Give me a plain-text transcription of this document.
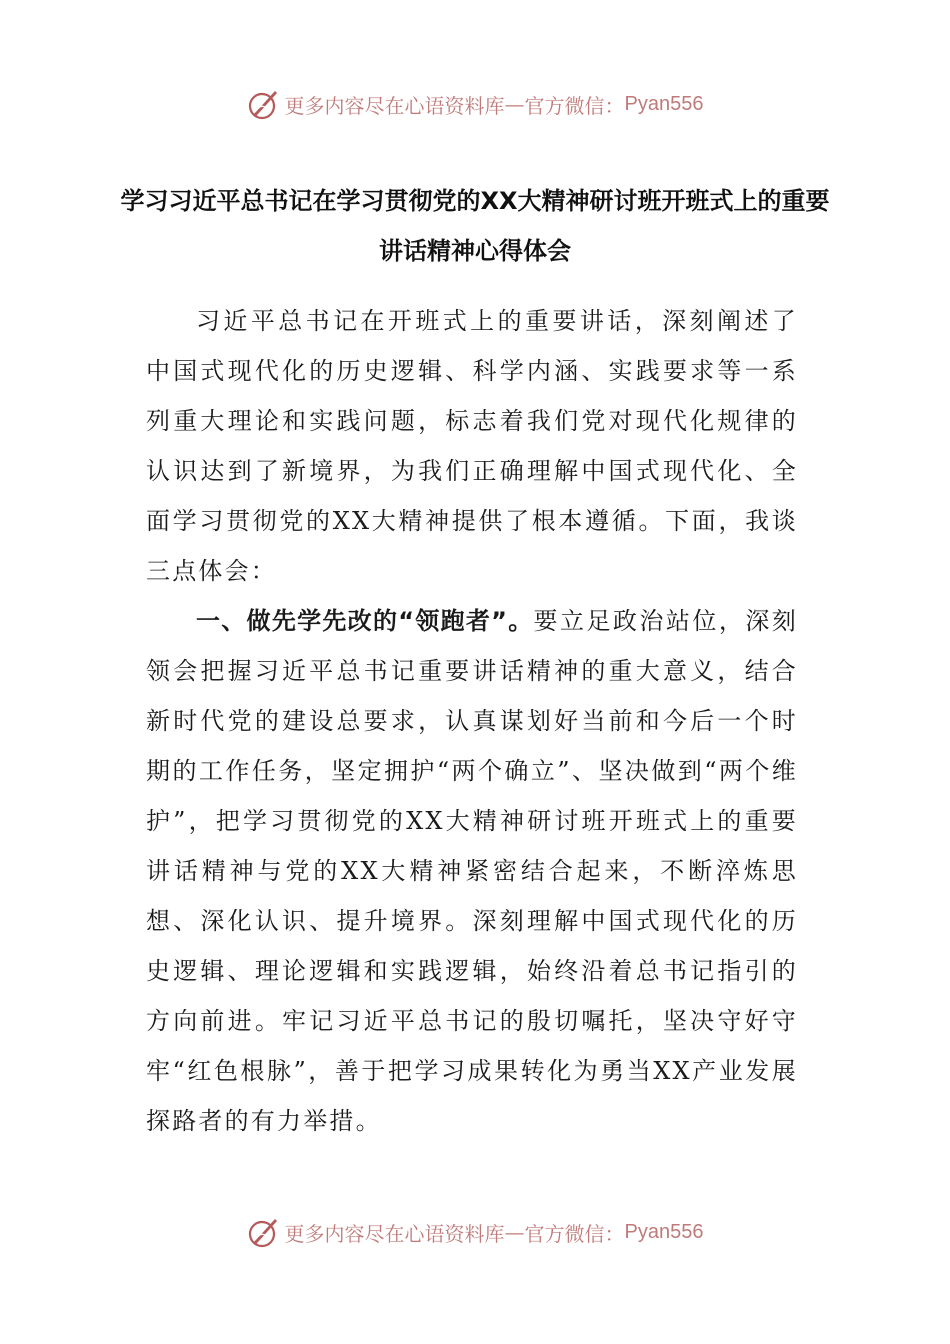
更多内容尽在心语资料库 — 官方微信： Pyan556
学习习近平总书记在学习贯彻党的XX大精神研讨班开班式上的重要讲话精神心得体会

习近平总书记在开班式上的重要讲话，深刻阐述了中国式现代化的历史逻辑、科学内涵、实践要求等一系列重大理论和实践问题，标志着我们党对现代化规律的认识达到了新境界，为我们正确理解中国式现代化、全面学习贯彻党的XX大精神提供了根本遵循。下面，我谈三点体会：

一、做先学先改的“领跑者”。要立足政治站位，深刻领会把握习近平总书记重要讲话精神的重大意义，结合新时代党的建设总要求，认真谋划好当前和今后一个时期的工作任务，坚定拥护“两个确立”、坚决做到“两个维护”，把学习贯彻党的XX大精神研讨班开班式上的重要讲话精神与党的XX大精神紧密结合起来，不断淬炼思想、深化认识、提升境界。深刻理解中国式现代化的历史逻辑、理论逻辑和实践逻辑，始终沿着总书记指引的方向前进。牢记习近平总书记的殷切嘱托，坚决守好守牢“红色根脉”，善于把学习成果转化为勇当XX产业发展探路者的有力举措。

更多内容尽在心语资料库 — 官方微信： Pyan556
